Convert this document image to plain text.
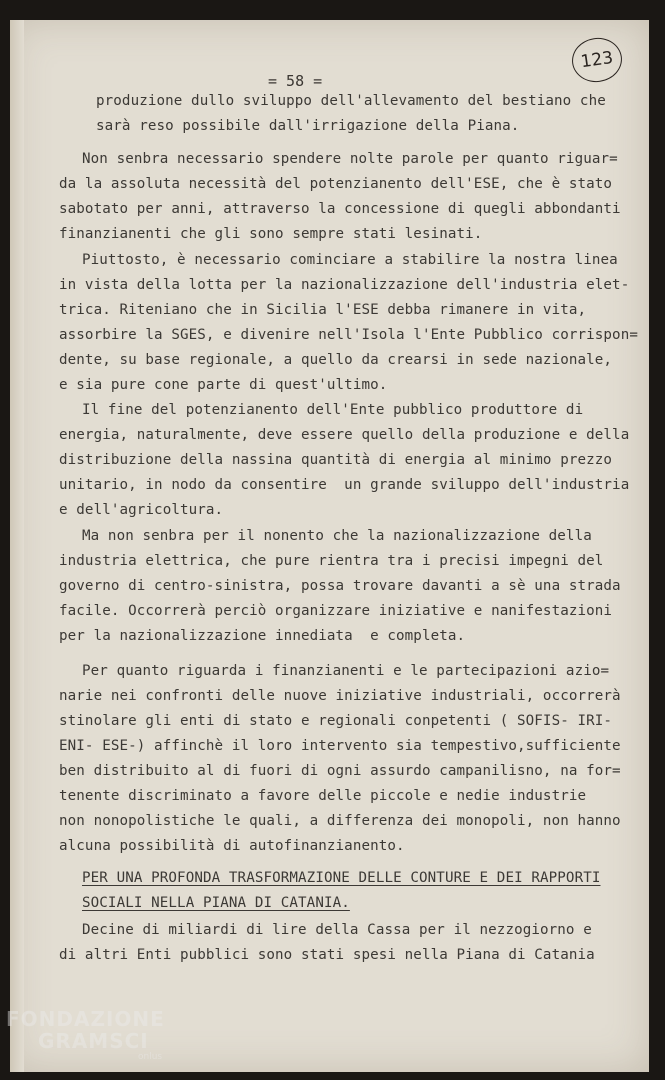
123
= 58 =
produzione dullo sviluppo dell'allevamento del bestiano che
sarà reso possibile dall'irrigazione della Piana.
Non senbra necessario spendere nolte parole per quanto riguar=
da la assoluta necessità del potenzianento dell'ESE, che è stato
sabotato per anni, attraverso la concessione di quegli abbondanti
finanzianenti che gli sono sempre stati lesinati.
Piuttosto, è necessario cominciare a stabilire la nostra linea
in vista della lotta per la nazionalizzazione dell'industria elet-
trica. Riteniano che in Sicilia l'ESE debba rimanere in vita,
assorbire la SGES, e divenire nell'Isola l'Ente Pubblico corrispon=
dente, su base regionale, a quello da crearsi in sede nazionale,
e sia pure cone parte di quest'ultimo.
Il fine del potenzianento dell'Ente pubblico produttore di
energia, naturalmente, deve essere quello della produzione e della
distribuzione della nassina quantità di energia al minimo prezzo
unitario, in nodo da consentire  un grande sviluppo dell'industria
e dell'agricoltura.
Ma non senbra per il nonento che la nazionalizzazione della
industria elettrica, che pure rientra tra i precisi impegni del
governo di centro-sinistra, possa trovare davanti a sè una strada
facile. Occorrerà perciò organizzare iniziative e nanifestazioni
per la nazionalizzazione innediata  e completa.
Per quanto riguarda i finanzianenti e le partecipazioni azio=
narie nei confronti delle nuove iniziative industriali, occorrerà
stinolare gli enti di stato e regionali conpetenti ( SOFIS- IRI-
ENI- ESE-) affinchè il loro intervento sia tempestivo,sufficiente
ben distribuito al di fuori di ogni assurdo campanilisno, na for=
tenente discriminato a favore delle piccole e nedie industrie
non nonopolistiche le quali, a differenza dei monopoli, non hanno
alcuna possibilità di autofinanzianento.
PER UNA PROFONDA TRASFORMAZIONE DELLE CONTURE E DEI RAPPORTI
SOCIALI NELLA PIANA DI CATANIA.
Decine di miliardi di lire della Cassa per il nezzogiorno e
di altri Enti pubblici sono stati spesi nella Piana di Catania
FONDAZIONE
GRAMSCI
onlus
